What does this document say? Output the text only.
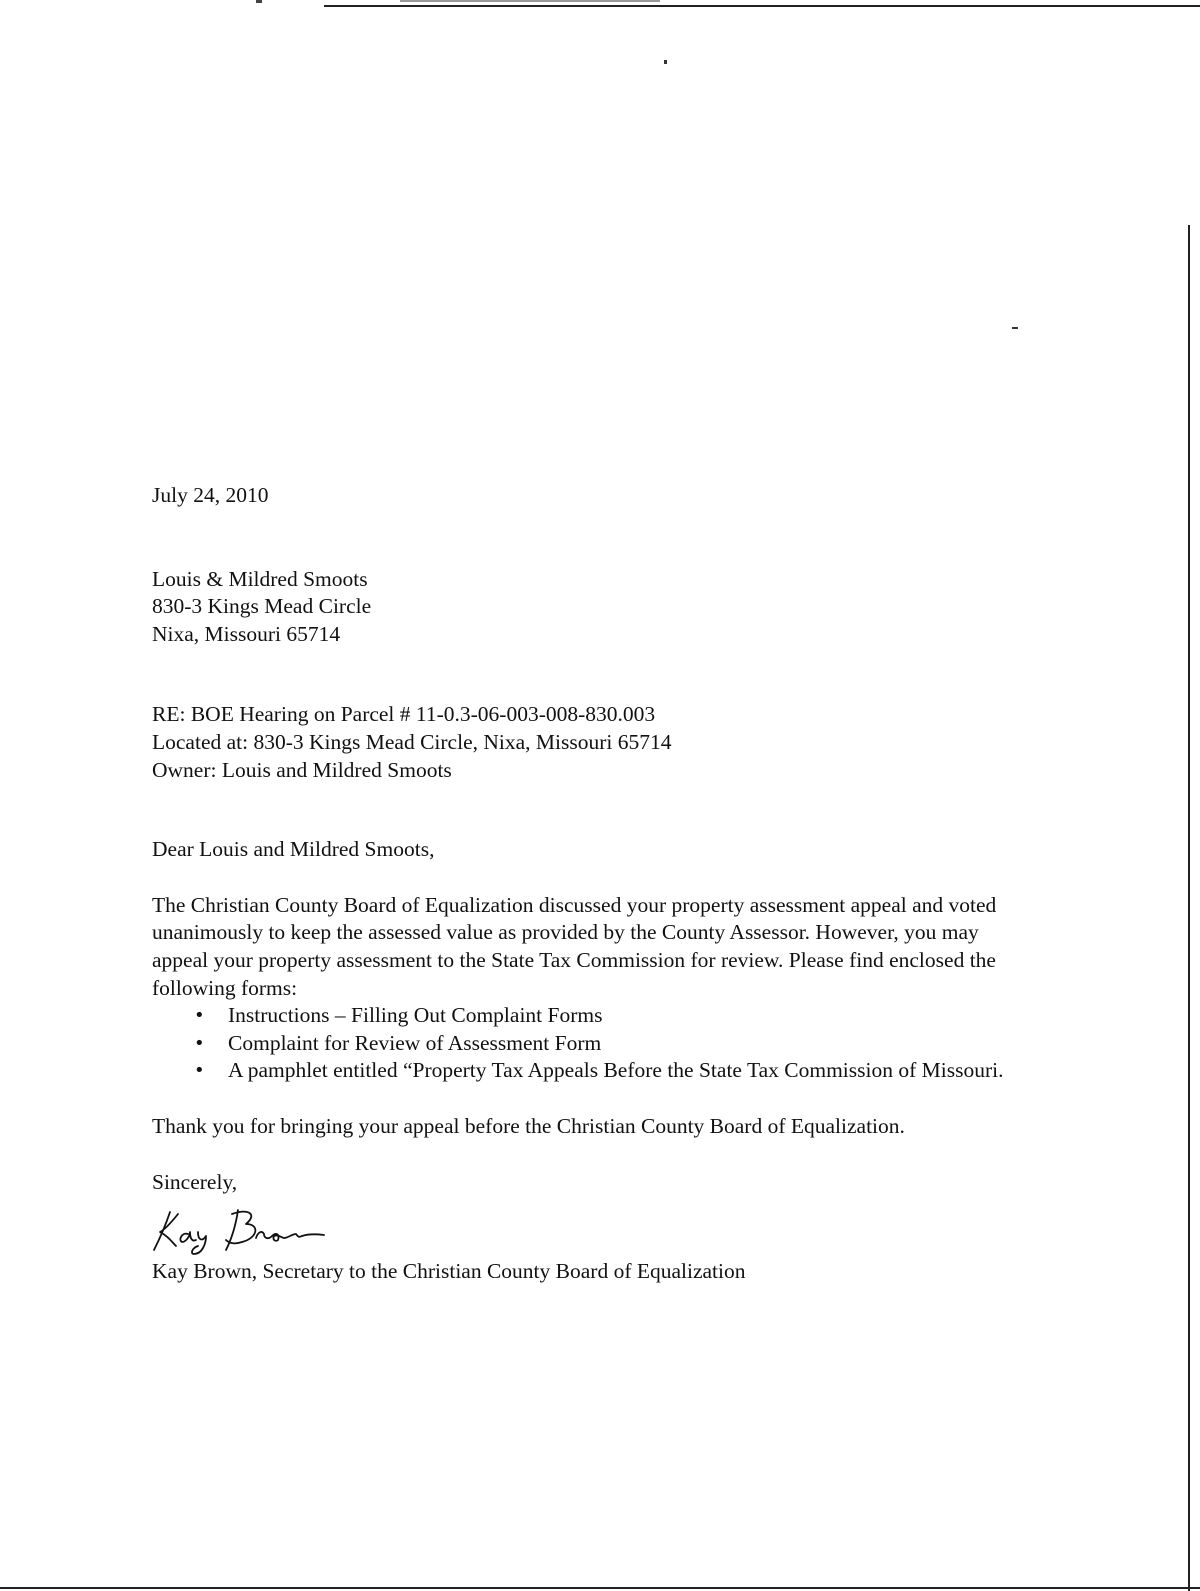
July 24, 2010

Louis & Mildred Smoots
830-3 Kings Mead Circle
Nixa, Missouri 65714
RE: BOE Hearing on Parcel # 11-0.3-06-003-008-830.003
Located at: 830-3 Kings Mead Circle, Nixa, Missouri 65714
Owner: Louis and Mildred Smoots

Dear Louis and Mildred Smoots,

The Christian County Board of Equalization discussed your property assessment appeal and voted unanimously to keep the assessed value as provided by the County Assessor. However, you may appeal your property assessment to the State Tax Commission for review. Please find enclosed the following forms:

• Instructions – Filling Out Complaint Forms
• Complaint for Review of Assessment Form
• A pamphlet entitled “Property Tax Appeals Before the State Tax Commission of Missouri.

Thank you for bringing your appeal before the Christian County Board of Equalization.

Sincerely,

Kay Brown, Secretary to the Christian County Board of Equalization
